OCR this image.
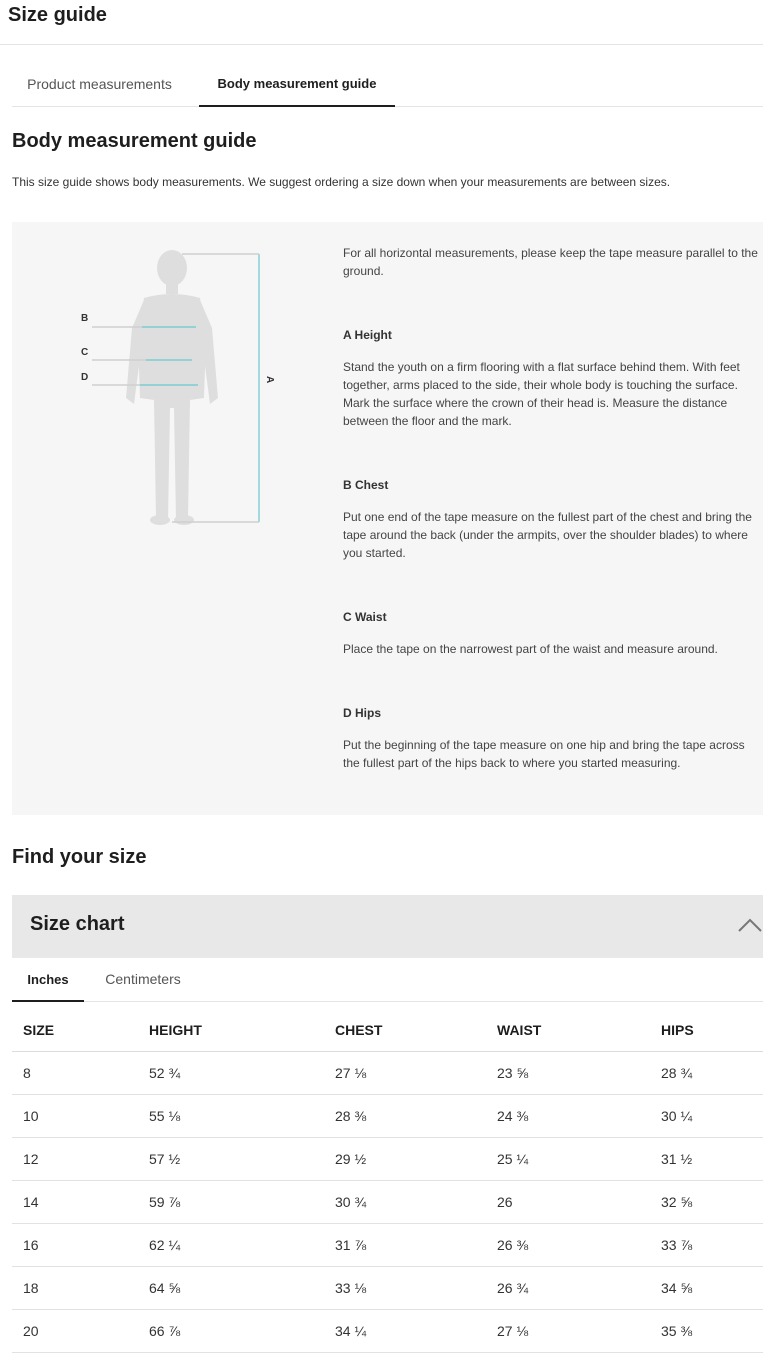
Size guide
Product measurements	Body measurement guide
Body measurement guide

This size guide shows body measurements. We suggest ordering a size down when your measurements are between sizes.

B
C
D	A

For all horizontal measurements, please keep the tape measure parallel to the ground.

A Height

Stand the youth on a firm flooring with a flat surface behind them. With feet together, arms placed to the side, their whole body is touching the surface. Mark the surface where the crown of their head is. Measure the distance between the floor and the mark.

B Chest

Put one end of the tape measure on the fullest part of the chest and bring the tape around the back (under the armpits, over the shoulder blades) to where you started.

C Waist

Place the tape on the narrowest part of the waist and measure around.

D Hips

Put the beginning of the tape measure on one hip and bring the tape across the fullest part of the hips back to where you started measuring.

Find your size
Size chart
Inches	Centimeters
SIZE	HEIGHT	CHEST	WAIST	HIPS
8	52 ¾	27 ⅛	23 ⅝	28 ¾
10	55 ⅛	28 ⅜	24 ⅜	30 ¼
12	57 ½	29 ½	25 ¼	31 ½
14	59 ⅞	30 ¾	26	32 ⅝
16	62 ¼	31 ⅞	26 ⅜	33 ⅞
18	64 ⅝	33 ⅛	26 ¾	34 ⅝
20	66 ⅞	34 ¼	27 ⅛	35 ⅜
